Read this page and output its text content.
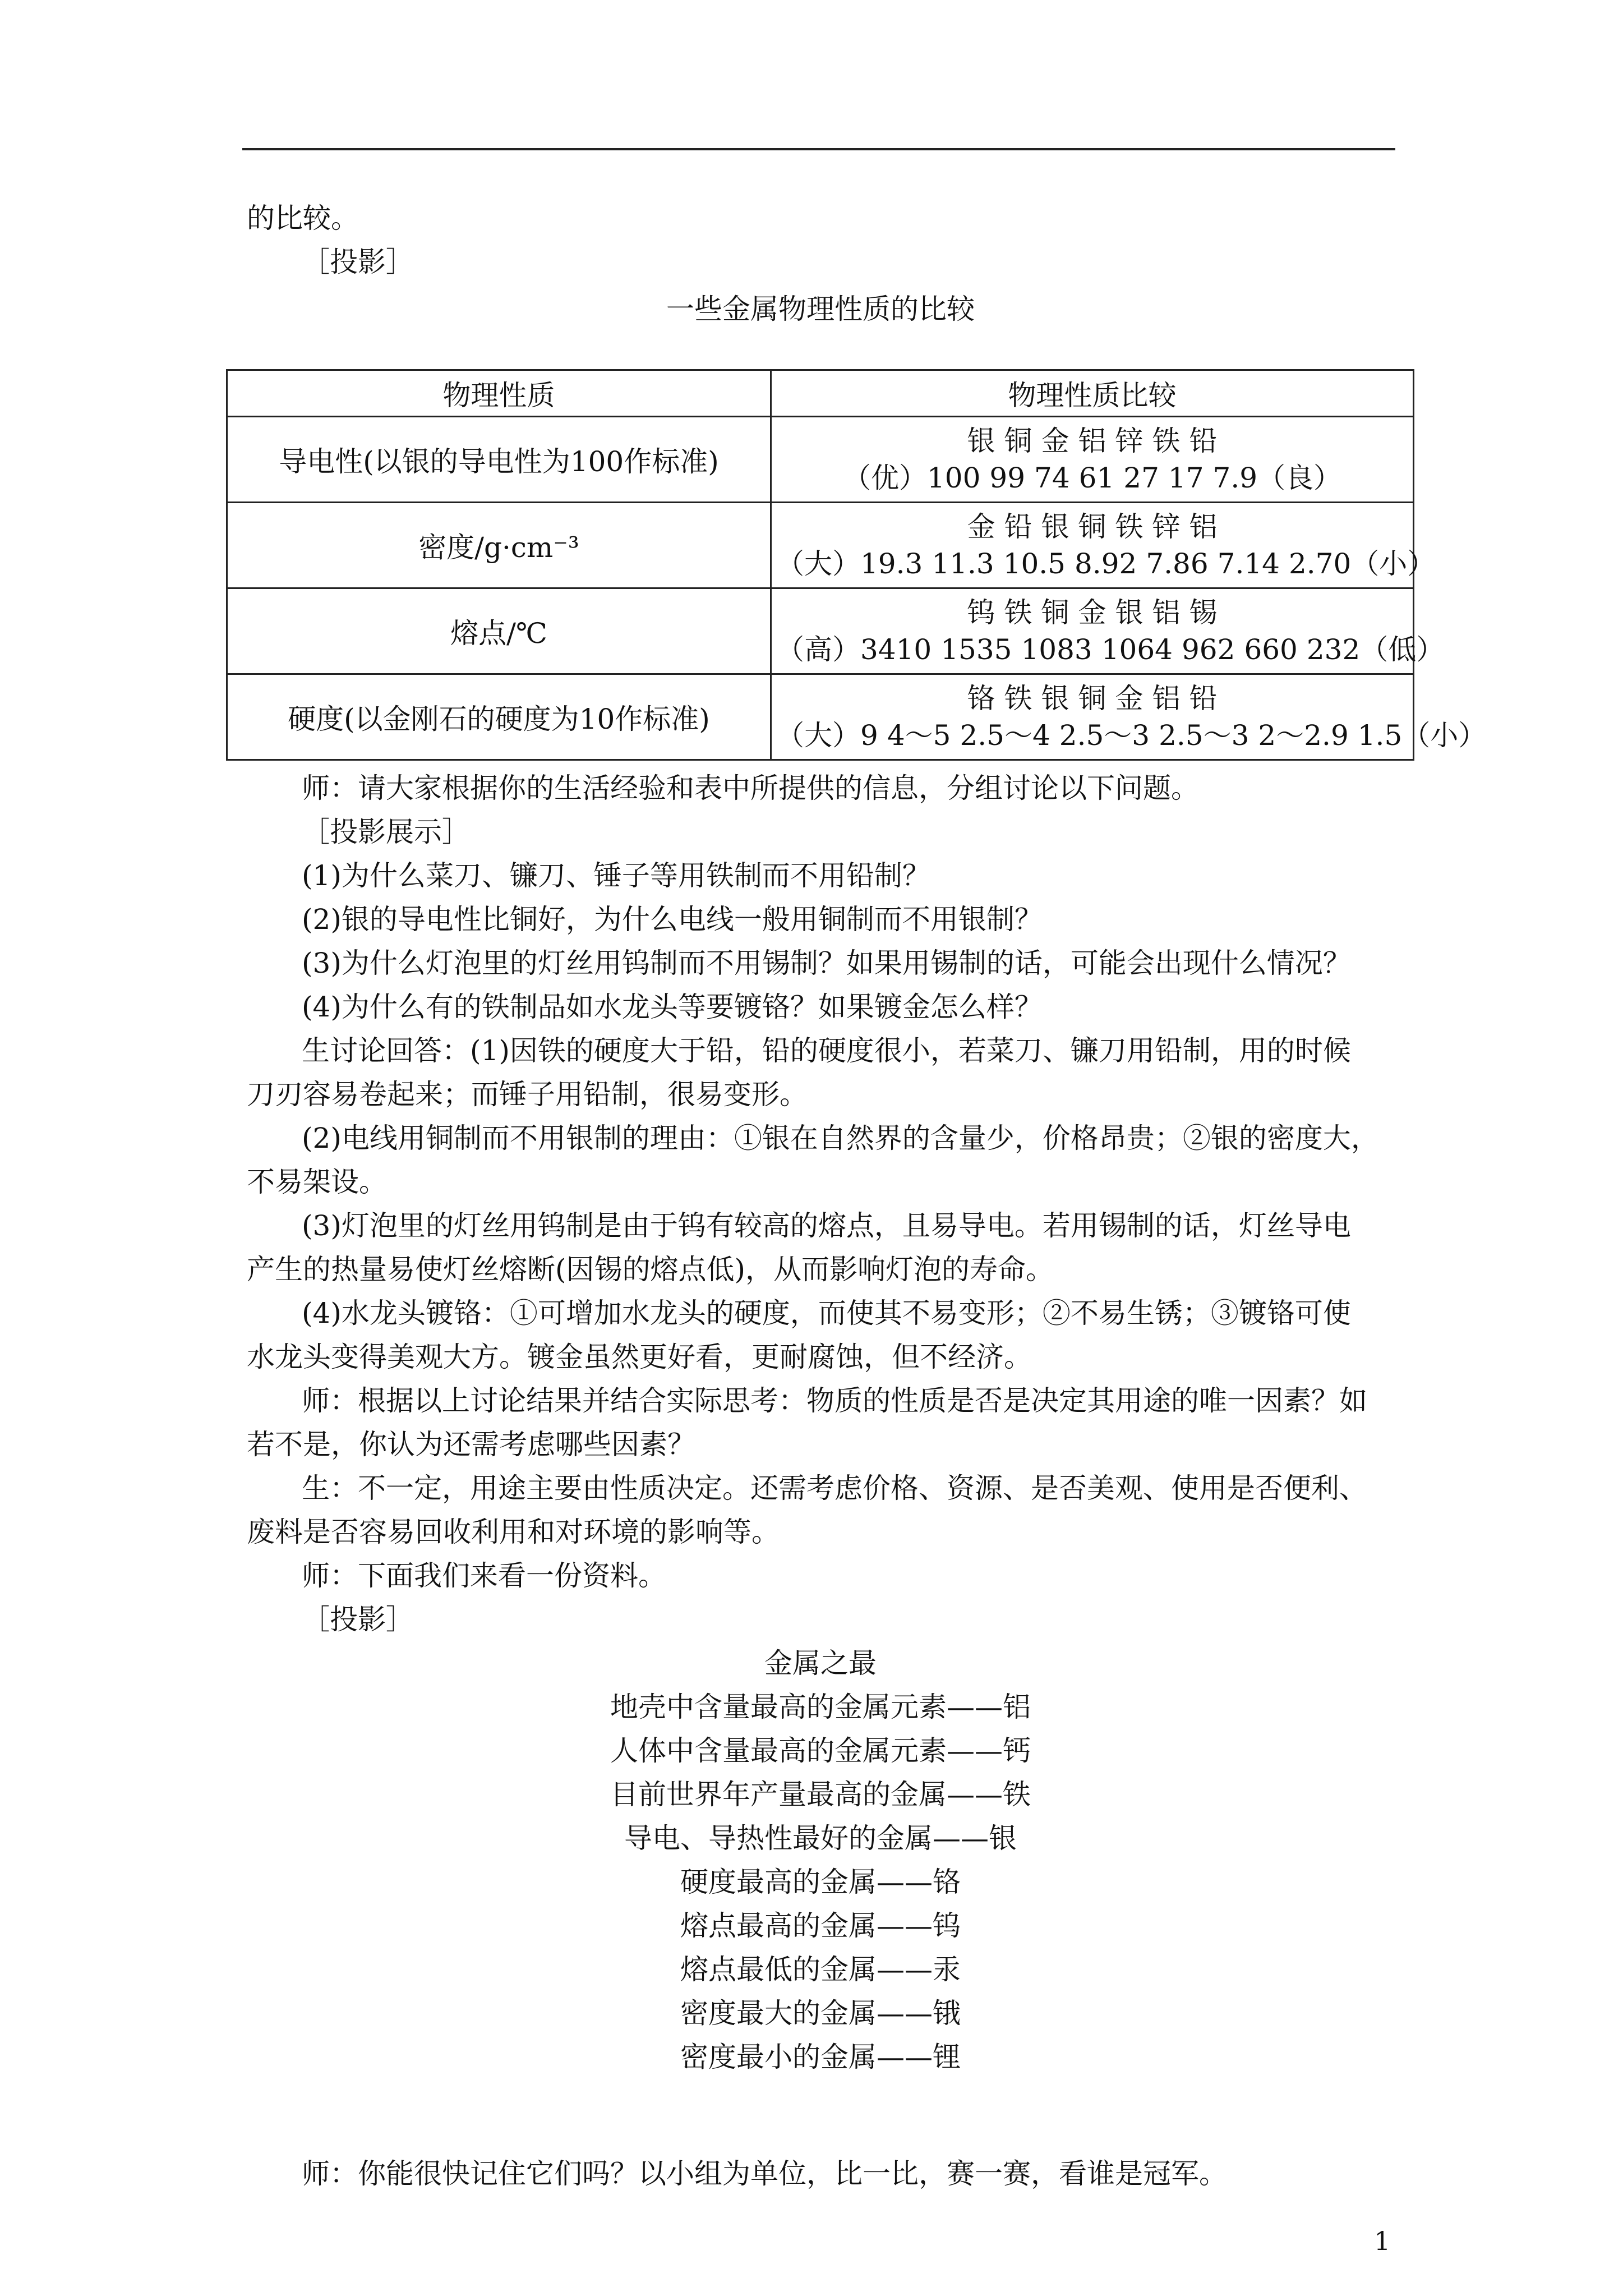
的比较。
［投影］
一些金属物理性质的比较
物理性质	物理性质比较
导电性(以银的导电性为100作标准)	银 铜 金 铝 锌 铁 铅
（优）100 99 74 61 27 17 7.9（良）

密度/g·cm⁻³	金 铅 银 铜 铁 锌 铝
（大）19.3 11.3 10.5 8.92 7.86 7.14 2.70（小）

熔点/℃	钨 铁 铜 金 银 铝 锡
（高）3410 1535 1083 1064 962 660 232（低）

硬度(以金刚石的硬度为10作标准)	铬 铁 银 铜 金 铝 铅
（大）9 4～5 2.5～4 2.5～3 2.5～3 2～2.9 1.5（小）
师：请大家根据你的生活经验和表中所提供的信息，分组讨论以下问题。
［投影展示］
(1)为什么菜刀、镰刀、锤子等用铁制而不用铅制？
(2)银的导电性比铜好，为什么电线一般用铜制而不用银制？
(3)为什么灯泡里的灯丝用钨制而不用锡制？如果用锡制的话，可能会出现什么情况？
(4)为什么有的铁制品如水龙头等要镀铬？如果镀金怎么样？
生讨论回答：(1)因铁的硬度大于铅，铅的硬度很小，若菜刀、镰刀用铅制，用的时候
刀刃容易卷起来；而锤子用铅制，很易变形。
(2)电线用铜制而不用银制的理由：①银在自然界的含量少，价格昂贵；②银的密度大，
不易架设。
(3)灯泡里的灯丝用钨制是由于钨有较高的熔点，且易导电。若用锡制的话，灯丝导电
产生的热量易使灯丝熔断(因锡的熔点低)，从而影响灯泡的寿命。
(4)水龙头镀铬：①可增加水龙头的硬度，而使其不易变形；②不易生锈；③镀铬可使
水龙头变得美观大方。镀金虽然更好看，更耐腐蚀，但不经济。
师：根据以上讨论结果并结合实际思考：物质的性质是否是决定其用途的唯一因素？如
若不是，你认为还需考虑哪些因素？
生：不一定，用途主要由性质决定。还需考虑价格、资源、是否美观、使用是否便利、
废料是否容易回收利用和对环境的影响等。
师：下面我们来看一份资料。
［投影］
金属之最
地壳中含量最高的金属元素——铝
人体中含量最高的金属元素——钙
目前世界年产量最高的金属——铁
导电、导热性最好的金属——银
硬度最高的金属——铬
熔点最高的金属——钨
熔点最低的金属——汞
密度最大的金属——锇
密度最小的金属——锂
师：你能很快记住它们吗？以小组为单位，比一比，赛一赛，看谁是冠军。
1
